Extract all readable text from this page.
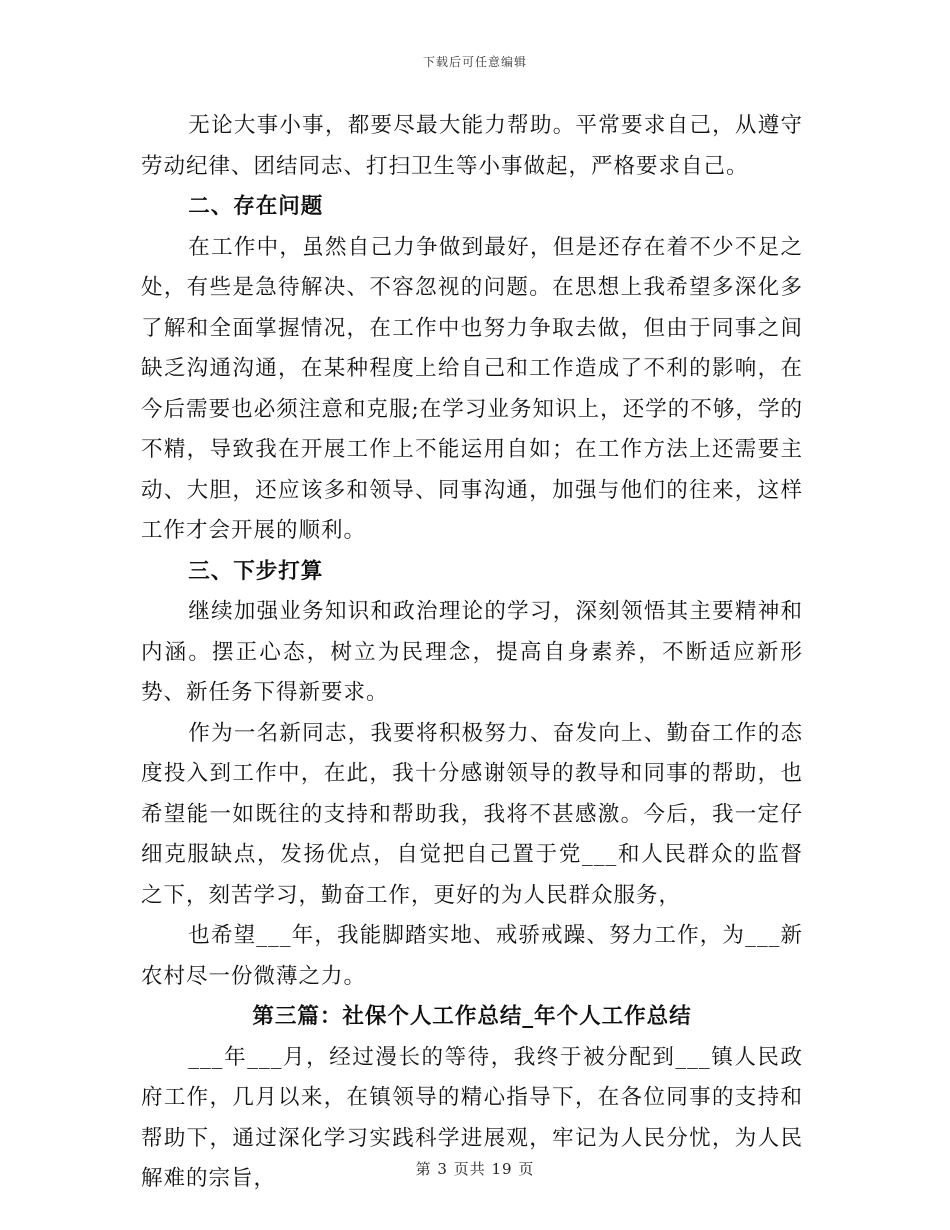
下载后可任意编辑

无论大事小事，都要尽最大能力帮助。平常要求自己，从遵守劳动纪律、团结同志、打扫卫生等小事做起，严格要求自己。

二、存在问题

在工作中，虽然自己力争做到最好，但是还存在着不少不足之处，有些是急待解决、不容忽视的问题。在思想上我希望多深化多了解和全面掌握情况，在工作中也努力争取去做，但由于同事之间缺乏沟通沟通，在某种程度上给自己和工作造成了不利的影响，在今后需要也必须注意和克服;在学习业务知识上，还学的不够，学的不精，导致我在开展工作上不能运用自如；在工作方法上还需要主动、大胆，还应该多和领导、同事沟通，加强与他们的往来，这样工作才会开展的顺利。

三、下步打算

继续加强业务知识和政治理论的学习，深刻领悟其主要精神和内涵。摆正心态，树立为民理念，提高自身素养，不断适应新形势、新任务下得新要求。

作为一名新同志，我要将积极努力、奋发向上、勤奋工作的态度投入到工作中，在此，我十分感谢领导的教导和同事的帮助，也希望能一如既往的支持和帮助我，我将不甚感激。今后，我一定仔细克服缺点，发扬优点，自觉把自己置于党___和人民群众的监督之下，刻苦学习，勤奋工作，更好的为人民群众服务，

也希望___年，我能脚踏实地、戒骄戒躁、努力工作，为___新农村尽一份微薄之力。

第三篇：社保个人工作总结_年个人工作总结

___年___月，经过漫长的等待，我终于被分配到___镇人民政府工作，几月以来，在镇领导的精心指导下，在各位同事的支持和帮助下，通过深化学习实践科学进展观，牢记为人民分忧，为人民解难的宗旨，	第 3 页共 19 页
